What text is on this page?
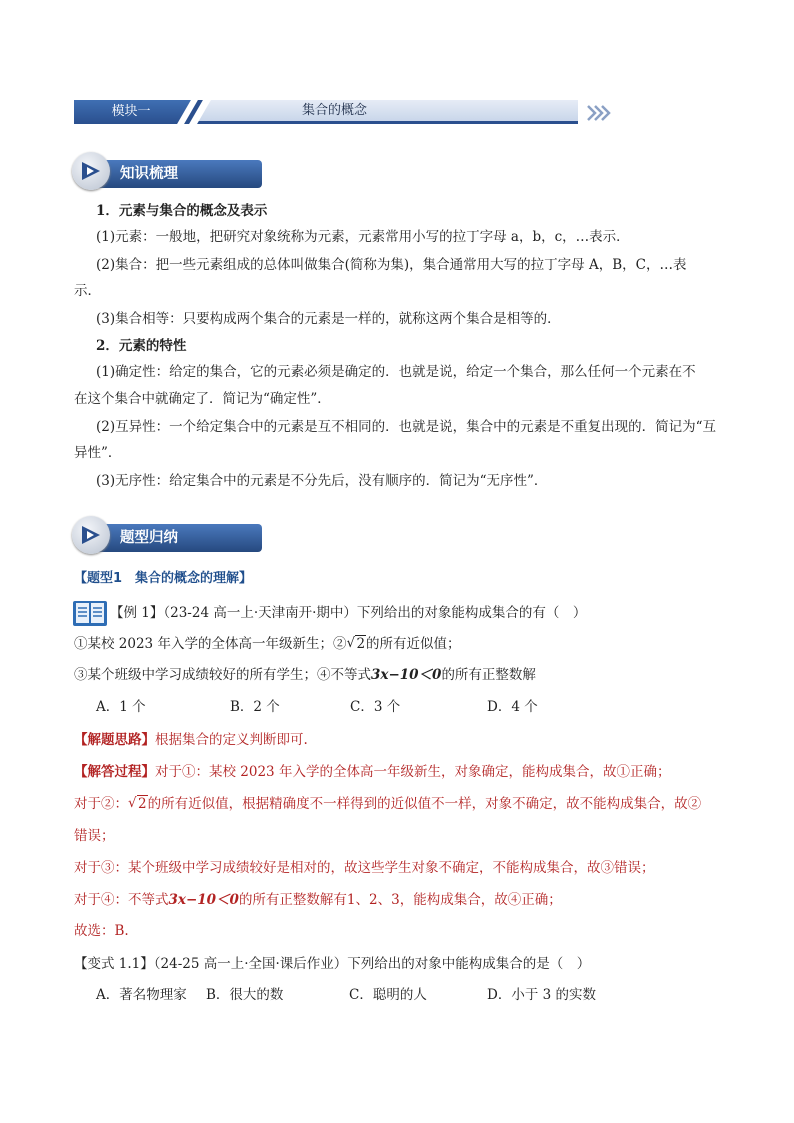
模块一	集合的概念
知识梳理
1．元素与集合的概念及表示
(1)元素：一般地，把研究对象统称为元素，元素常用小写的拉丁字母 a，b，c，…表示．
(2)集合：把一些元素组成的总体叫做集合(简称为集)，集合通常用大写的拉丁字母 A，B，C，…表
示．
(3)集合相等：只要构成两个集合的元素是一样的，就称这两个集合是相等的．
2．元素的特性
(1)确定性：给定的集合，它的元素必须是确定的．也就是说，给定一个集合，那么任何一个元素在不
在这个集合中就确定了．简记为“确定性”．
(2)互异性：一个给定集合中的元素是互不相同的．也就是说，集合中的元素是不重复出现的．简记为“互
异性”．
(3)无序性：给定集合中的元素是不分先后，没有顺序的．简记为“无序性”．
题型归纳
【题型1　集合的概念的理解】
【例 1】（23-24 高一上·天津南开·期中）下列给出的对象能构成集合的有（　）
①某校 2023 年入学的全体高一年级新生；② √ 2的所有近似值；
③某个班级中学习成绩较好的所有学生；④不等式3x−10＜0的所有正整数解
A．1 个	B．2 个	C．3 个	D．4 个
【解题思路】根据集合的定义判断即可.
【解答过程】对于①：某校 2023 年入学的全体高一年级新生，对象确定，能构成集合，故①正确；
对于②： √ 2的所有近似值，根据精确度不一样得到的近似值不一样，对象不确定，故不能构成集合，故②
错误；
对于③：某个班级中学习成绩较好是相对的，故这些学生对象不确定，不能构成集合，故③错误；
对于④：不等式3x−10＜0的所有正整数解有1、2、3，能构成集合，故④正确；
故选：B.
【变式 1.1】（24-25 高一上·全国·课后作业）下列给出的对象中能构成集合的是（　）
A．著名物理家 B．很大的数	C．聪明的人	D．小于 3 的实数
